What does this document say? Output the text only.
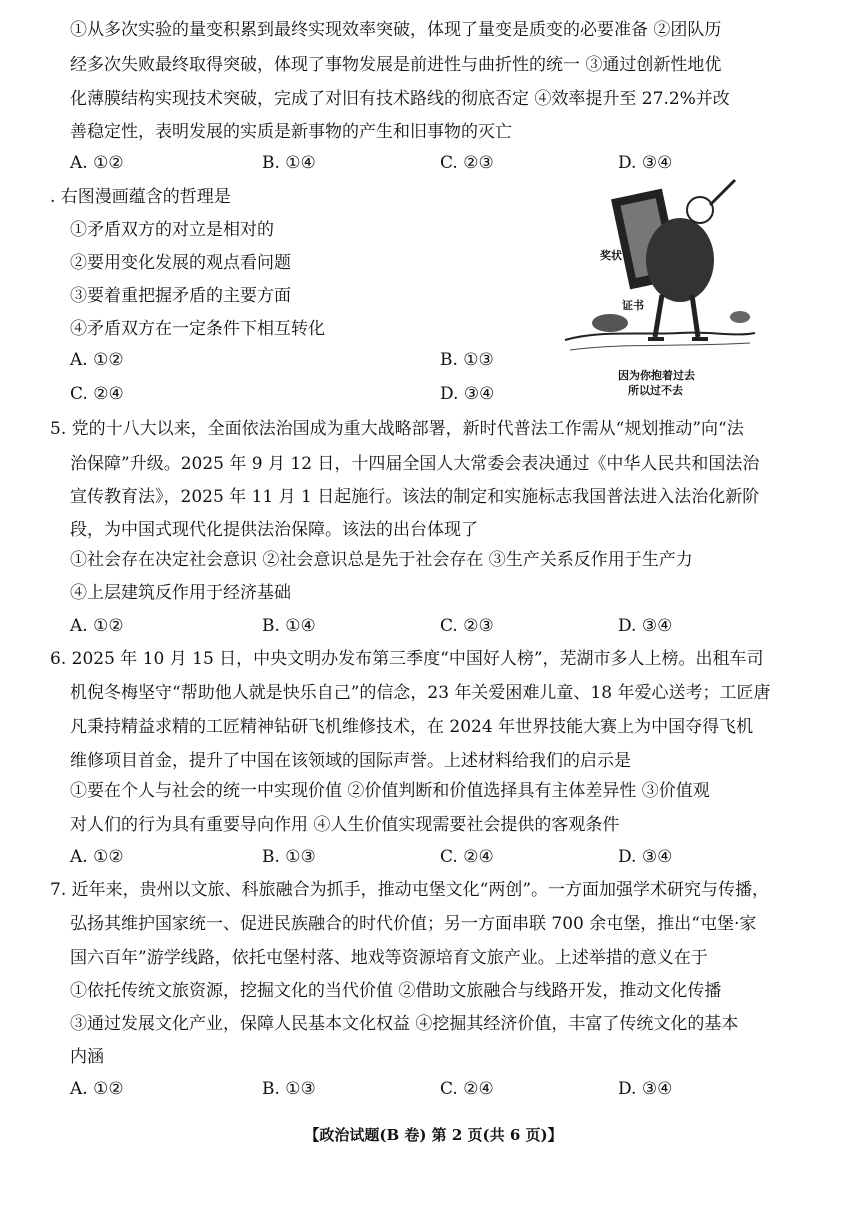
①从多次实验的量变积累到最终实现效率突破，体现了量变是质变的必要准备 ②团队历
经多次失败最终取得突破，体现了事物发展是前进性与曲折性的统一 ③通过创新性地优
化薄膜结构实现技术突破，完成了对旧有技术路线的彻底否定 ④效率提升至 27.2%并改
善稳定性，表明发展的实质是新事物的产生和旧事物的灭亡
A. ①②	B. ①④	C. ②③	D. ③④
. 右图漫画蕴含的哲理是
①矛盾双方的对立是相对的
②要用变化发展的观点看问题
③要着重把握矛盾的主要方面
④矛盾双方在一定条件下相互转化
A. ①②	B. ①③
C. ②④	D. ③④
奖状
证书
因为你抱着过去
所以过不去
5. 党的十八大以来，全面依法治国成为重大战略部署，新时代普法工作需从“规划推动”向“法
治保障”升级。2025 年 9 月 12 日，十四届全国人大常委会表决通过《中华人民共和国法治
宣传教育法》，2025 年 11 月 1 日起施行。该法的制定和实施标志我国普法进入法治化新阶
段，为中国式现代化提供法治保障。该法的出台体现了
①社会存在决定社会意识 ②社会意识总是先于社会存在 ③生产关系反作用于生产力
④上层建筑反作用于经济基础
A. ①②	B. ①④	C. ②③	D. ③④
6. 2025 年 10 月 15 日，中央文明办发布第三季度“中国好人榜”，芜湖市多人上榜。出租车司
机倪冬梅坚守“帮助他人就是快乐自己”的信念，23 年关爱困难儿童、18 年爱心送考；工匠唐
凡秉持精益求精的工匠精神钻研飞机维修技术，在 2024 年世界技能大赛上为中国夺得飞机
维修项目首金，提升了中国在该领域的国际声誉。上述材料给我们的启示是
①要在个人与社会的统一中实现价值 ②价值判断和价值选择具有主体差异性 ③价值观
对人们的行为具有重要导向作用 ④人生价值实现需要社会提供的客观条件
A. ①②	B. ①③	C. ②④	D. ③④
7. 近年来，贵州以文旅、科旅融合为抓手，推动屯堡文化“两创”。一方面加强学术研究与传播，
弘扬其维护国家统一、促进民族融合的时代价值；另一方面串联 700 余屯堡，推出“屯堡·家
国六百年”游学线路，依托屯堡村落、地戏等资源培育文旅产业。上述举措的意义在于
①依托传统文旅资源，挖掘文化的当代价值 ②借助文旅融合与线路开发，推动文化传播
③通过发展文化产业，保障人民基本文化权益 ④挖掘其经济价值，丰富了传统文化的基本
内涵
A. ①②	B. ①③	C. ②④	D. ③④
【政治试题(B 卷) 第 2 页(共 6 页)】
